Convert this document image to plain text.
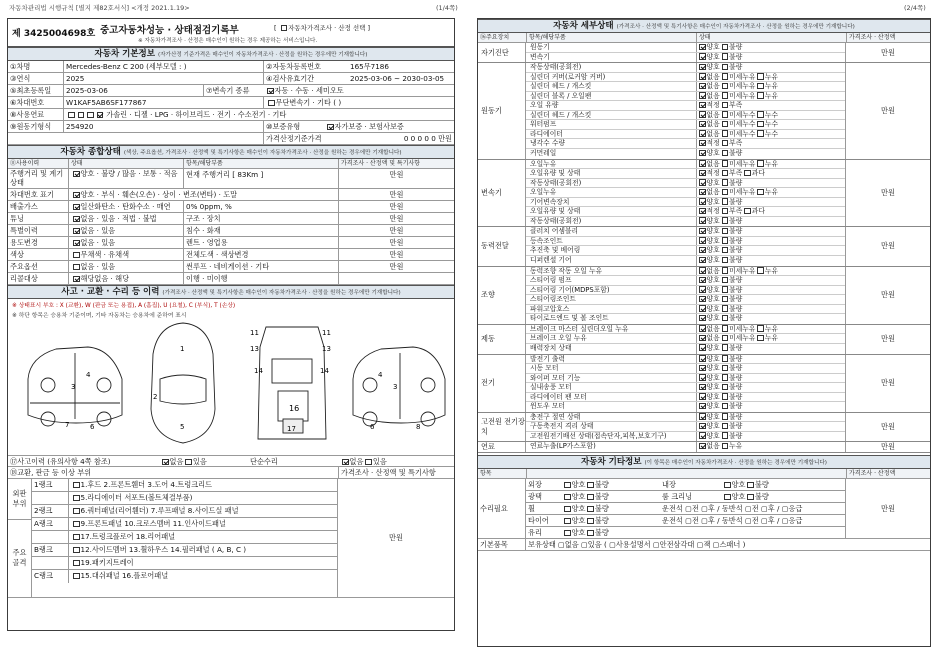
자동차관리법 시행규칙 [별지 제82호서식] <개정 2021.1.19>	(1/4쪽)	(2/4쪽)
제 3425004698호 중고자동차성능 · 상태점검기록부	[ 자동차가격조사 · 산정 선택 ]
※ 자동차가격조사 · 산정은 매수인이 원하는 경우 제공하는 서비스입니다.
자동차 기본정보 (자가산정 기준가격은 매수인이 자동차가격조사 · 산정을 원하는 경우에만 기재합니다)
①차명	Mercedes-Benz C 200 (세부모델 : )	②자동차등록번호	165무7186
③연식	2025	④검사유효기간	2025-03-06 ~ 2030-03-05
⑤최초등록일	2025-03-06	⑦변속기 종류	자동 · 수동 · 세미오토
⑥차대번호	W1KAF5AB6SF177867	무단변속기 · 기타 ( )
⑧사용연료	가솔린 · 디젤 · LPG · 하이브리드 · 전기 · 수소전기 · 기타
⑨원동기형식	254920	⑩보증유형	자가보증 · 보험사보증
가격산정기준가격	0 0 0 0 0 만원
자동차 종합상태 (색상, 주요옵션, 가격조사 · 산정액 및 특기사항은 매수인이 자동차가격조사 · 산정을 원하는 경우에만 기재합니다)
⑪사용이력	상태	항목/해당부품	가격조사 · 산정액 및 특기사항
주행거리 및 계기상태
양호 · 불량 / 많음 · 보통 · 적음	현재 주행거리 [ 83Km ]	만원
차대번호 표기	양호 · 부식 · 훼손(오손) · 상이 · 변조(변타) · 도말	만원
배출가스	일산화탄소 · 탄화수소 · 매연	0% 0ppm, %	만원
튜닝	없음 · 있음 · 적법 · 불법	구조 · 장치	만원
특별이력	없음 · 있음	침수 · 화재	만원
용도변경	없음 · 있음	렌트 · 영업용	만원
색상	무채색 · 유채색	전체도색 · 색상변경	만원
주요옵션	없음 · 있음	썬루프 · 네비게이션 · 기타	만원
리콜대상	해당없음 · 해당	이행 · 미이행
사고 · 교환 · 수리 등 이력 (가격조사 · 산정액 및 특기사항은 매수인이 자동차가격조사 · 산정을 원하는 경우에만 기재합니다)
※ 상태표시 부호 : X (교환), W (판금 또는 용접), A (흠집), U (요철), C (부식), T (손상)
※ 하단 항목은 승용차 기준이며, 기타 자동차는 승용차에 준하여 표시
3
4
7	6
1
2
5
11	11
13	13
14	14
16
17
3
4
6	8
⑰사고이력 (유의사항 4쪽 참조)	없음 있음	단순수리	없음 있음
⑱교환, 판금 등 이상 부위	가격조사 · 산정액 및 특기사항
외판 부위
주요 골격
1랭크	1.후드 2.프론트휀더 3.도어 4.트렁크리드
5.라디에이터 서포트(볼트체결부품)
2랭크	6.쿼터패널(리어휀더) 7.루프패널 8.사이드실 패널
A랭크	9.프론트패널 10.크로스멤버 11.인사이드패널
17.트렁크플로어 18.리어패널
B랭크	12.사이드멤버 13.휠하우스 14.필러패널 ( A, B, C )
19.패키지트레이
C랭크	15.대쉬패널 16.플로어패널
만원
자동차 세부상태 (가격조사 · 산정액 및 특기사항은 매수인이 자동차가격조사 · 산정을 원하는 경우에만 기재합니다)
⑯주요장치	항목/해당부품	상태	가격조사 · 산정액
자기진단
원동기	양호 불량
변속기	양호 불량	만원
원동기
작동상태(공회전)	양호 불량
실린더 커버(로커암 커버)	없음 미세누유 누유
실린더 헤드 / 개스킷	없음 미세누유 누유
실린더 블록 / 오일팬	없음 미세누유 누유
오일 유량	적정 부족
실린더 헤드 / 개스킷	없음 미세누수 누수
워터펌프	없음 미세누수 누수
라디에이터	없음 미세누수 누수
냉각수 수량	적정 부족
커먼레일	양호 불량
만원
변속기
오일누유	없음 미세누유 누유
오일유량 및 상태	적정 부족 과다
작동상태(공회전)	양호 불량
오일누유	없음 미세누유 누유
기어변속장치	양호 불량
오일유량 및 상태	적정 부족 과다
작동상태(공회전)	양호 불량
만원
동력전달
클러치 어셈블리	양호 불량
등속조인트	양호 불량
추진축 및 베어링	양호 불량
디퍼렌셜 기어	양호 불량
만원
조향
동력조향 작동 오일 누유	없음 미세누유 누유
스티어링 펌프	양호 불량
스티어링 기어(MDPS포함)	양호 불량
스티어링조인트	양호 불량
파워고압호스	양호 불량
타이로드엔드 및 볼 조인트	양호 불량
만원
제동
브레이크 마스터 실린더오일 누유	없음 미세누유 누유
브레이크 오일 누유	없음 미세누유 누유
배력장치 상태	양호 불량
만원
전기
발전기 출력	양호 불량
시동 모터	양호 불량
와이퍼 모터 기능	양호 불량
실내송풍 모터	양호 불량
라디에이터 팬 모터	양호 불량
윈도우 모터	양호 불량
만원
고전원 전기장치
충전구 절연 상태	양호 불량
구동축전지 격리 상태	양호 불량
고전원전기배선 상태(접속단자,피복,보호기구)	양호 불량
만원
연료	연료누출(LP가스포함)	없음 누유	만원
자동차 기타정보 (이 항목은 매수인이 자동차가격조사 · 산정을 원하는 경우에만 기재합니다)
항목	가격조사 · 산정액
수리필요
외장	양호 불량	내장	양호 불량
광택	양호 불량	룸 크리닝	양호 불량
휠	양호 불량	운전석 ▢전 ▢후 / 동반석 ▢전 ▢후 / ▢응급
타이어	양호 불량	운전석 ▢전 ▢후 / 동반석 ▢전 ▢후 / ▢응급
유리	양호 불량
만원
기본품목	보유상태 ▢없음 ▢있음 ( ▢사용설명서 ▢안전삼각대 ▢잭 ▢스패너 )
